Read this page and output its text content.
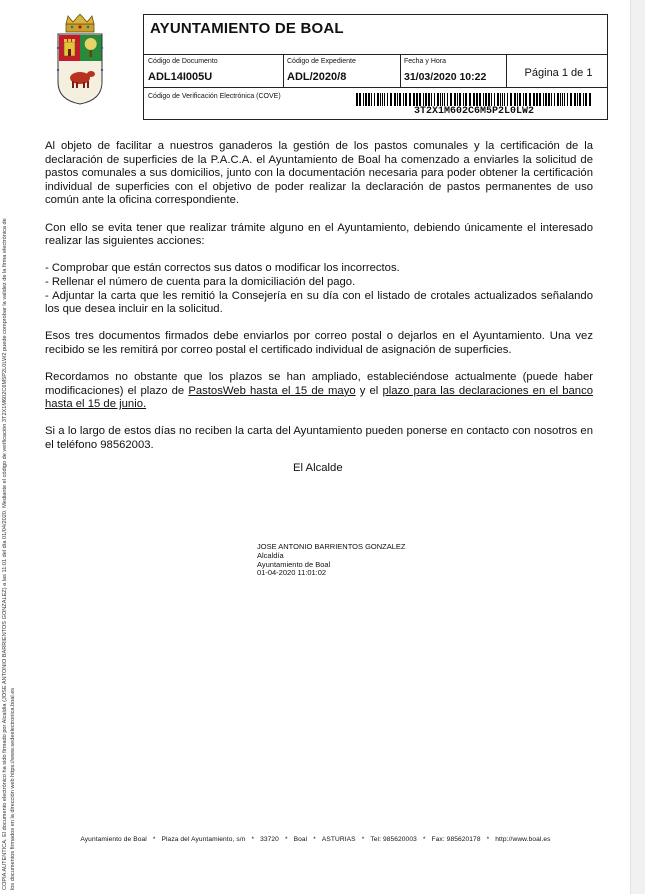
COPIA AUTÉNTICA. El documento electrónico ha sido firmado por Alcaldía (JOSE ANTONIO BARRIENTOS GONZALEZ) a las 11:01 del día 01/04/2020. Mediante el código de verificación 3T2X1M602C6M5P2L0LW2 puede comprobar la validez de la firma electrónica de los documentos firmados en la dirección web https://www.sedeelectronica.boal.es
AYUNTAMIENTO DE BOAL
Código de Documento
ADL14I005U
Código de Expediente
ADL/2020/8
Fecha y Hora
31/03/2020 10:22	Página 1 de 1
Código de Verificación Electrónica (COVE)
3T2X1M602C6M5P2L0LW2

Al objeto de facilitar a nuestros ganaderos la gestión de los pastos comunales y la certificación de la declaración de superficies de la P.A.C.A. el Ayuntamiento de Boal ha comenzado a enviarles la solicitud de pastos comunales a sus domicilios, junto con la documentación necesaria para poder obtener la certificación individual de superficies con el objetivo de poder realizar la declaración de pastos permanentes de uso común ante la oficina correspondiente.

Con ello se evita tener que realizar trámite alguno en el Ayuntamiento, debiendo únicamente el interesado realizar las siguientes acciones:

- Comprobar que están correctos sus datos o modificar los incorrectos.

- Rellenar el número de cuenta para la domiciliación del pago.

- Adjuntar la carta que les remitió la Consejería en su día con el listado de crotales actualizados señalando los que desea incluir en la solicitud.

Esos tres documentos firmados debe enviarlos por correo postal o dejarlos en el Ayuntamiento. Una vez recibido se les remitirá por correo postal el certificado individual de asignación de superficies.

Recordamos no obstante que los plazos se han ampliado, estableciéndose actualmente (puede haber modificaciones) el plazo de PastosWeb hasta el 15 de mayo y el plazo para las declaraciones en el banco hasta el 15 de junio.

Si a lo largo de estos días no reciben la carta del Ayuntamiento pueden ponerse en contacto con nosotros en el teléfono 98562003.

El Alcalde
JOSE ANTONIO BARRIENTOS GONZALEZ
Alcaldía
Ayuntamiento de Boal
01-04-2020 11:01:02
Ayuntamiento de Boal * Plaza del Ayuntamiento, s/n * 33720 * Boal * ASTURIAS * Tel: 985620003 * Fax: 985620178 * http://www.boal.es
